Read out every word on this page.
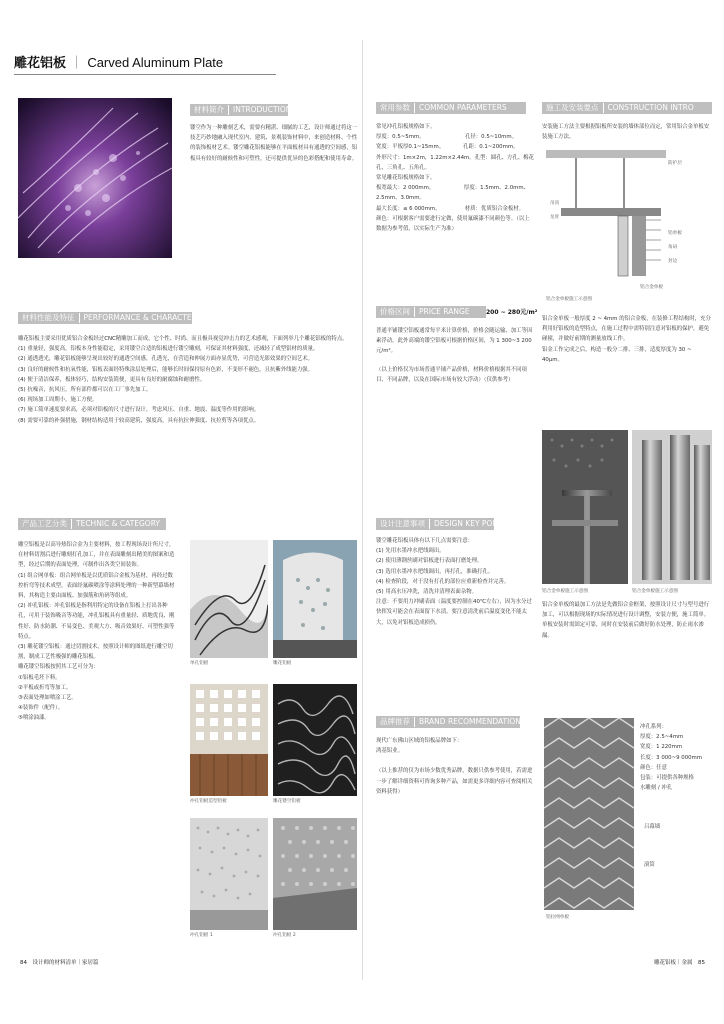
雕花铝板 ｜ Carved Aluminum Plate
材料简介 INTRODUCTION

镂空作为一种雕刻艺术，需要有精湛、细腻的工艺，设计师通过将这一技艺巧妙地融入现代室内、建筑、景观装饰材料中，来创造材料、个性的装饰板材艺术。镂空雕花铝板能够在平面板材具有通透的空间感，铝板具有较好的耐候性和可塑性，还可提供优异的色彩搭配和使用寿命。

材料性能及特征 PERFORMANCE & CHARACTER

雕花铝板主要采用优质铝合金板经过CNC精雕加工而成，它个性、时尚、而且极具视觉冲击力的艺术感观，下面列举几个雕花铝板的特点。

(1) 重量轻，强度高，铝板本身性能稳定，采用镂空合适的铝板进行镂空雕刻，可保证其材料强度，还减轻了成型铝材的质量。

(2) 通透透光，雕花铝板能够呈现出较好的通透空间感，孔透光，在营造和伸展方面亦显优势，可营造光影效果的空间艺术。

(3) 良好的耐候性和抗氧性能，铝板表面经特殊涂层处理后，能够长时间保持原有色彩，不变形不褪色，且抗紫外线能力强。

(4) 便于清洁保养，板体轻巧，结构安装简便，更具有良好的耐腐蚀和耐磨性。

(5) 抗噪音，抗风压，所有部件都可以在工厂事先加工。

(6) 现场加工周期小，施工方便。

(7) 施工简单速度要求高，必须对铝板的尺寸进行设计，考虑风压、自重、地震、温度等作用的影响。

(8) 需要可靠的补强措施，钢材结构适用于较高建筑，强度高，具有抗拉伸强度、抗拉剪等各项优点。

产品工艺分类 TECHNIC & CATEGORY

雕空铝板是以高导热铝合金为主要材料，按工程现场设计所尺寸，在材料切割后进行雕刻打孔加工，并在表面雕刻出精美的图案和造型，经过后期的表面处理，可制作出各类空间装饰。

(1) 组合网单板：组合网单板是以优质铝合金板为基材，再经过数控折弯等技术成型，表面经氟碳喷涂等涂料处理的一种新型幕墙材料，其构造主要由面板、加强筋和角码等组成。

(2) 冲孔铝板：冲孔铝板是指利用特定的设备在铝板上打出各种孔，可用于装饰吸音等功能，冲孔铝板具有重量轻、质地优良、刚性好、防水防潮、不易变色、美观大方、吸音效果好、可塑性强等特点。

(3) 雕花镂空铝板：通过切割技术，按照设计师的图纸进行雕空切割，制成工艺性极强的雕花铝板。

雕花镂空铝板按照其工艺可分为：

①铝板毛坯下料。

②平板或折弯等加工。

③表面处理如喷涂工艺。

④装饰件（配件）。

⑤喷涂油漆。

单孔铝板	雕花铝板
冲孔铝板造型铝板	雕花镂空铝板
冲孔铝板 1	冲孔铝板 2
常用参数 COMMON PARAMETERS

常见冲孔铝板规格如下。

厚度：0.5~5mm。　　　　　　　　孔径：0.5~10mm。

宽度：平板厚0.1~15mm。　　　　孔距：0.1~200mm。

外形尺寸：1m×2m，1.22m×2.44m。孔型：圆孔、方孔、梅花孔、三角孔、五角孔。

常见雕花铝板规格如下。

板宽最大：2 000mm。　　　　　　厚度：1.5mm、2.0mm、2.5mm、3.0mm。

最大长度：≤ 6 000mm。　　　　　材质：优质铝合金板材。

颜色：可根据客户需要进行定做，使用氟碳漆不同颜色等。（以上数据为参考值，以实际生产为准）

价格区间 PRICE RANGE	200 ~ 280元/m²

普通平铺镂空铝板通常每平米计算价格，价格会随运输、加工等因素浮动，此外高端的镂空铝板可根据价格区间，为 1 300~3 200元/m²。

（以上价格仅为市场普通平铺产品价格，材料价格根据其不同项目、不同品牌，以及在国际市场有较大浮动）（仅供参考）

施工及安装要点 CONSTRUCTION INTRO

安装施工方法主要根据铝板所安装的墙体部位而定，常用铝合金单板安装施工方法。

防护层
吊顶
龙骨
铝单板
角码
封边
铝合金单板
铝合金单板施工示意图

铝合金单板一般厚度 2 ~ 4mm 的铝合金板，在装修工程结构时，充分利用好铝板的造型特点，在施工过程中需特别注意对铝板的保护，避免碰撞，并做好前期的测量放线工作。

铝金工作完成之后，构造一般分二排、三排，适度厚度为 30 ~ 40µm。

设计注意事项 DESIGN KEY POINTS

镂空雕花铝板具体有以下几点需要注意：

(1) 先用水墨冲水把线调出。

(2) 使用薄钢丝刷对铝板进行表面打磨处理。

(3) 选用水墨冲水把线调出，再打孔，准确打孔。

(4) 检查阶段，对于没有打孔的部位应重新检查并完善。

(5) 用高水压冲洗，清洗并清理表面杂物。

注意：不要用力冲刷表面（温度要控制在40℃左右），因为水分过快挥发可能会在表面留下水渍，要注意清洗前后温度变化不能太大，以免对铝板造成损伤。

铝合金单板施工示意图	铝合金单板施工示意图

铝合金单板的最加工方法是先做铝合金框架，按照设计尺寸与型号进行加工，可以根据现场的实际情况进行设计调整，安装方便，施工简单。单板安装时需固定可靠，同时在安装前后做好防水处理，防止雨水渗漏。

品牌推荐 BRAND RECOMMENDATION

现代广东佛山区域的铝板品牌如下：

鸿基铝业。

（以上推荐的仅为市场少数优秀品牌，数据只供参考使用，若需进一步了解详细资料可咨询多种产品，如需更多详细内容可查阅相关资料获得）

冲孔系列：

厚度：2.5~4mm

宽度：1 220mm

长度：3 000~9 000mm

颜色：任意

包装：可提供各种规格

水雕刻 / 冲孔

吕幕墙
滚筒
铝拉网单板
84　设计师的材料清单｜家居篇	雕花铝板｜金属　85
